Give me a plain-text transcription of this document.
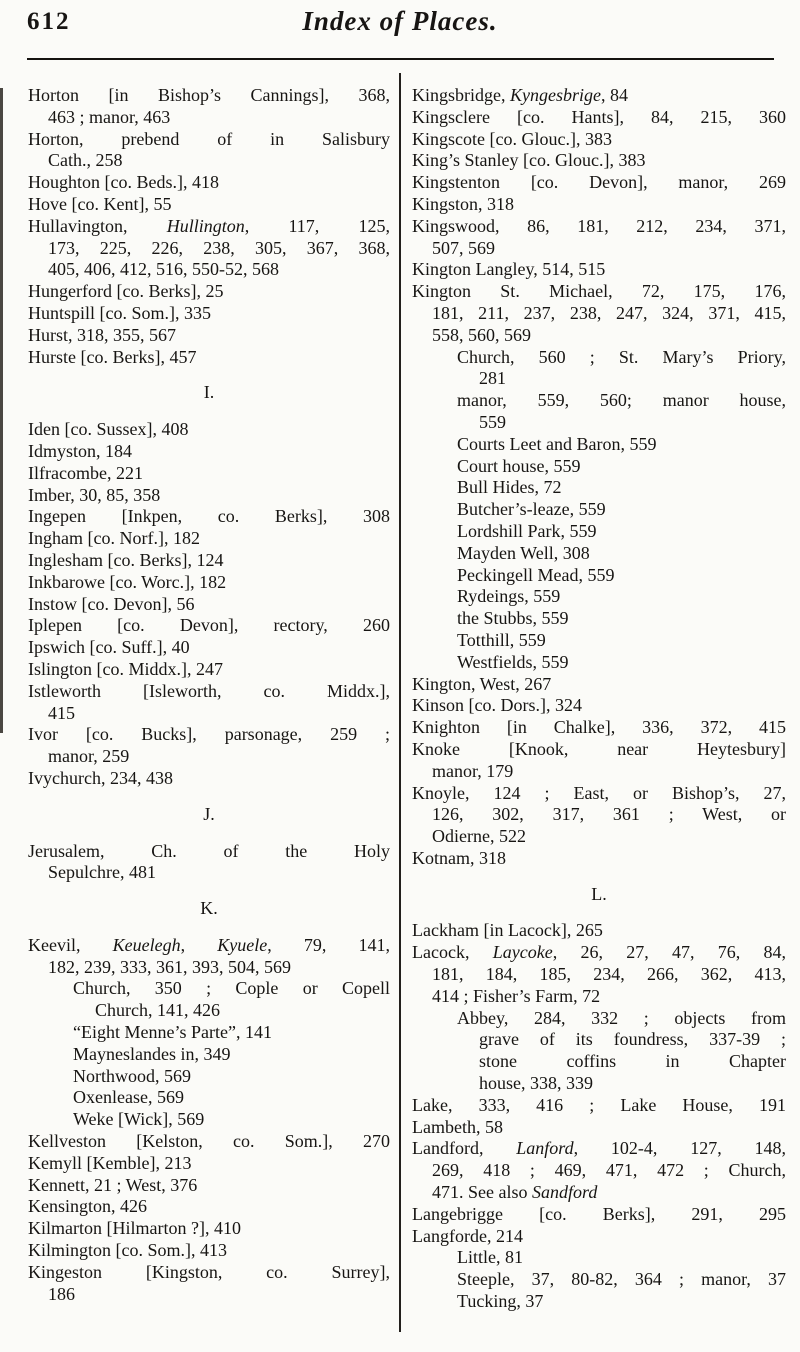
612	Index of Places.
Horton [in Bishop’s Cannings], 368,
463 ; manor, 463
Horton, prebend of in Salisbury
Cath., 258
Houghton [co. Beds.], 418
Hove [co. Kent], 55
Hullavington, Hullington, 117, 125,
173, 225, 226, 238, 305, 367, 368,
405, 406, 412, 516, 550-52, 568
Hungerford [co. Berks], 25
Huntspill [co. Som.], 335
Hurst, 318, 355, 567
Hurste [co. Berks], 457
I.
Iden [co. Sussex], 408
Idmyston, 184
Ilfracombe, 221
Imber, 30, 85, 358
Ingepen [Inkpen, co. Berks], 308
Ingham [co. Norf.], 182
Inglesham [co. Berks], 124
Inkbarowe [co. Worc.], 182
Instow [co. Devon], 56
Iplepen [co. Devon], rectory, 260
Ipswich [co. Suff.], 40
Islington [co. Middx.], 247
Istleworth [Isleworth, co. Middx.],
415
Ivor [co. Bucks], parsonage, 259 ;
manor, 259
Ivychurch, 234, 438
J.
Jerusalem, Ch. of the Holy
Sepulchre, 481
K.
Keevil, Keuelegh, Kyuele, 79, 141,
182, 239, 333, 361, 393, 504, 569
Church, 350 ; Cople or Copell
Church, 141, 426
“Eight Menne’s Parte”, 141
Mayneslandes in, 349
Northwood, 569
Oxenlease, 569
Weke [Wick], 569
Kellveston [Kelston, co. Som.], 270
Kemyll [Kemble], 213
Kennett, 21 ; West, 376
Kensington, 426
Kilmarton [Hilmarton ?], 410
Kilmington [co. Som.], 413
Kingeston [Kingston, co. Surrey],
186
Kingsbridge, Kyngesbrige, 84
Kingsclere [co. Hants], 84, 215, 360
Kingscote [co. Glouc.], 383
King’s Stanley [co. Glouc.], 383
Kingstenton [co. Devon], manor, 269
Kingston, 318
Kingswood, 86, 181, 212, 234, 371,
507, 569
Kington Langley, 514, 515
Kington St. Michael, 72, 175, 176,
181, 211, 237, 238, 247, 324, 371, 415,
558, 560, 569
Church, 560 ; St. Mary’s Priory,
281
manor, 559, 560; manor house,
559
Courts Leet and Baron, 559
Court house, 559
Bull Hides, 72
Butcher’s-leaze, 559
Lordshill Park, 559
Mayden Well, 308
Peckingell Mead, 559
Rydeings, 559
the Stubbs, 559
Totthill, 559
Westfields, 559
Kington, West, 267
Kinson [co. Dors.], 324
Knighton [in Chalke], 336, 372, 415
Knoke [Knook, near Heytesbury]
manor, 179
Knoyle, 124 ; East, or Bishop’s, 27,
126, 302, 317, 361 ; West, or
Odierne, 522
Kotnam, 318
L.
Lackham [in Lacock], 265
Lacock, Laycoke, 26, 27, 47, 76, 84,
181, 184, 185, 234, 266, 362, 413,
414 ; Fisher’s Farm, 72
Abbey, 284, 332 ; objects from
grave of its foundress, 337-39 ;
stone coffins in Chapter
house, 338, 339
Lake, 333, 416 ; Lake House, 191
Lambeth, 58
Landford, Lanford, 102-4, 127, 148,
269, 418 ; 469, 471, 472 ; Church,
471. See also Sandford
Langebrigge [co. Berks], 291, 295
Langforde, 214
Little, 81
Steeple, 37, 80-82, 364 ; manor, 37
Tucking, 37
